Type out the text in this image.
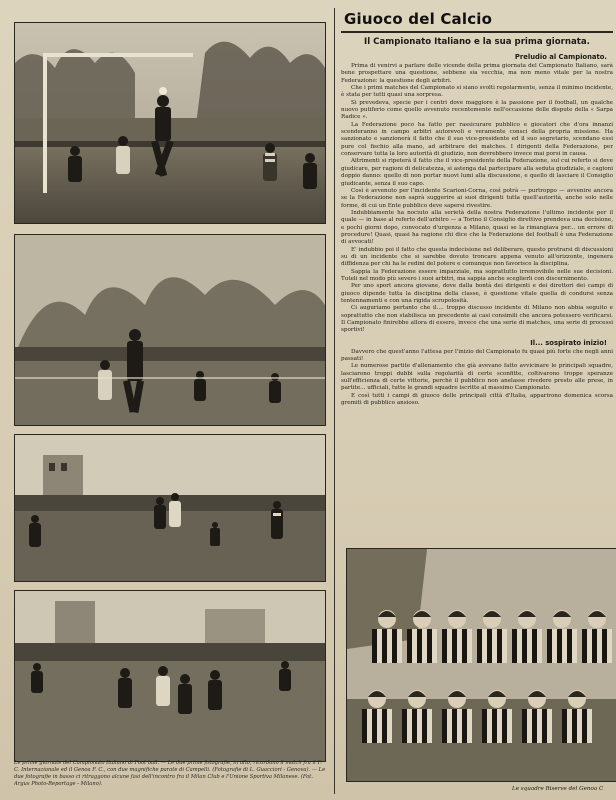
Le prime giornate del Campionato Italiano di Foot ball. — Le due prime fotografie, in alto, ricordano il match fra il F. C. Internazionale ed il Genoa F. C., con due magnifiche parate di Campelli. (Fotografie di L. Guacciori - Genova). — Le due fotografie in basso ci ritraggono alcune fasi dell'incontro fra il Milan Club e l'Unione Sportiva Milanese. (Fot. Argus Photo-Reportage - Milano).
Giuoco del Calcio
Il Campionato Italiano e la sua prima giornata.
Preludio al Campionato.

Prima di venirvi a parlare delle vicende della prima giornata del Campionato Italiano, sarà bene prospettare una questione, sebbene sia vecchia, ma non meno vitale per la nostra Federazione: la questione degli arbitri.

Che i primi matches del Campionato si siano svolti regolarmente, senza il minimo incidente, è stata per tutti quasi una sorpresa.

Si prevedeva, specie per i centri dove maggiore è la passione per il football, un qualche nuovo putiferio come quello avvenuto recentemente nell'occasione delle dispute della « Sarpa Radice ».

La Federazione poco ha fatto per rassicurare pubblico e giocatori che d'ora innanzi scenderanno in campo arbitri autorevoli e veramente consci della propria missione. Ha sanzionato e sanzionerà il fatto che il suo vice-presidente ed il suo segretario, scendano essi pure col fischio alla mano, ad arbitrare dei matches. I dirigenti della Federazione, per conservare tutta la loro autorità di giudizio, non dovrebbero invece mai porsi in causa.

Altrimenti si ripeterà il fatto che il vice-presidente della Federazione, sul cui referto si deve giudicare, per ragioni di delicatezza, si astenga dal partecipare alla seduta giudiziale, e cagioni doppio danno: quello di non portar nuovi lumi alla discussione, e quello di lasciare il Consiglio giudicante, senza il suo capo.

Così è avvenuto per l'incidente Scarioni-Corna, così potrà — purtroppo — avvenire ancora se la Federazione non saprà suggerire ai suoi dirigenti tutta quell'autorità, anche solo nelle forme, di cui un Ente pubblico deve sapersi rivestire.

Indubbiamente ha nociuto alla serietà della nostra Federazione l'ultimo incidente per il quale — in base al referto dell'arbitro — a Torino il Consiglio direttivo prendeva una decisione, e pochi giorni dopo, convocato d'urgenza a Milano, quasi se la rimangiava per... un errore di procedure! Quasi, quasi ha ragione chi dice che la Federazione del football è una Federazione di avvocati!

E' indubbio poi il fatto che questa indecisione nel deliberare, questo protrarsi di discussioni su di un incidente che si sarebbe dovuto troncare appena venuto all'orizzonte, ingenera diffidenza per chi ha le redini del potere e comunque non favorisce la disciplina.

Sappia la Federazione essere imparziale, ma soprattutto irremovibile nelle sue decisioni. Tuteli nel modo più severo i suoi arbitri, ma sappia anche sceglierli con discernimento.

Per uno sport ancora giovane, dove dalla bontà dei dirigenti e dei direttori dei campi di giuoco dipende tutta la disciplina della classe, è questione vitale quella di condursi senza tentennamenti e con una rigida scrupolosità.

Ci auguriamo pertanto che il.... troppo discusso incidente di Milano non abbia seguito e soprattutto che non stabilisca un precedente ai casi consimili che ancora potessero verificarsi. Il Campionato finirebbe allora di essere, invece che una serie di matches, una serie di processi sportivi!

Il... sospirato inizio!

Davvero che quest'anno l'attesa per l'inizio del Campionato fu quasi più forte che negli anni passati!

Le numerose partite d'allenamento che già avevano fatto avvicinare le principali squadre, lasciarono troppi dubbi sulla regolarità di certe sconfitte, coltivarono troppe speranze sull'efficienza di certe vittorie, perchè il pubblico non anelasse rivedere presto alle prese, in partite... ufficiali, tutte le grandi squadre iscritte al massimo Campionato.

E così tutti i campi di giuoco delle principali città d'Italia, apparirono domenica scorsa gremiti di pubblico ansioso.

Le squadre Riserve del Genoa C
